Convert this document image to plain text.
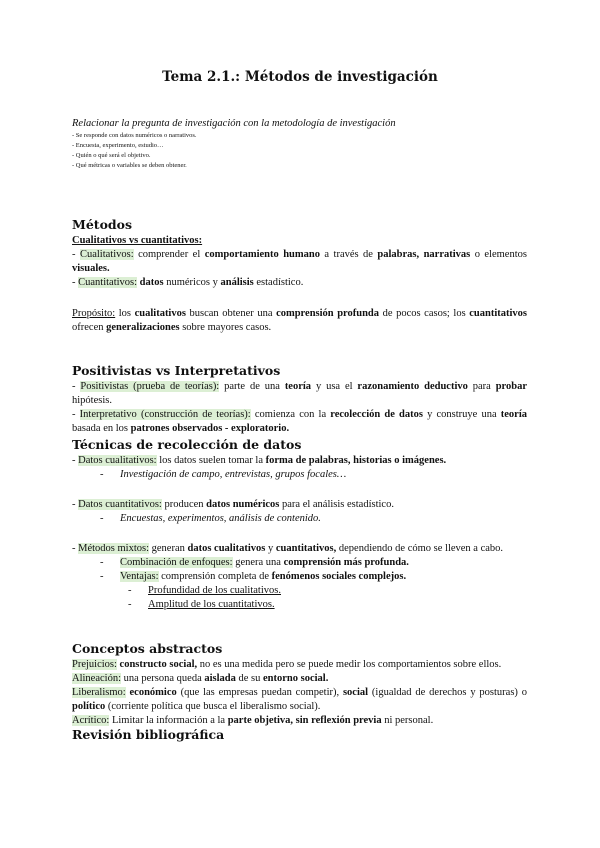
Tema 2.1.: Métodos de investigación

Relacionar la pregunta de investigación con la metodología de investigación

- Se responde con datos numéricos o narrativos.
- Encuesta, experimento, estudio…
- Quién o qué será el objetivo.
- Qué métricas o variables se deben obtener.
Métodos

Cualitativos vs cuantitativos:

- Cualitativos: comprender el comportamiento humano a través de palabras, narrativas o elementos visuales.

- Cuantitativos: datos numéricos y análisis estadístico.

Propósito: los cualitativos buscan obtener una comprensión profunda de pocos casos; los cuantitativos ofrecen generalizaciones sobre mayores casos.

Positivistas vs Interpretativos

- Positivistas (prueba de teorías): parte de una teoría y usa el razonamiento deductivo para probar hipótesis.

- Interpretativo (construcción de teorías): comienza con la recolección de datos y construye una teoría basada en los patrones observados - exploratorio.

Técnicas de recolección de datos

- Datos cualitativos: los datos suelen tomar la forma de palabras, historias o imágenes.

- Investigación de campo, entrevistas, grupos focales…

- Datos cuantitativos: producen datos numéricos para el análisis estadístico.

- Encuestas, experimentos, análisis de contenido.

- Métodos mixtos: generan datos cualitativos y cuantitativos, dependiendo de cómo se lleven a cabo.

- Combinación de enfoques: genera una comprensión más profunda.

- Ventajas: comprensión completa de fenómenos sociales complejos.

- Profundidad de los cualitativos.

- Amplitud de los cuantitativos.

Conceptos abstractos

Prejuicios: constructo social, no es una medida pero se puede medir los comportamientos sobre ellos.

Alineación: una persona queda aislada de su entorno social.

Liberalismo: económico (que las empresas puedan competir), social (igualdad de derechos y posturas) o político (corriente política que busca el liberalismo social).

Acrítico: Limitar la información a la parte objetiva, sin reflexión previa ni personal.

Revisión bibliográfica
